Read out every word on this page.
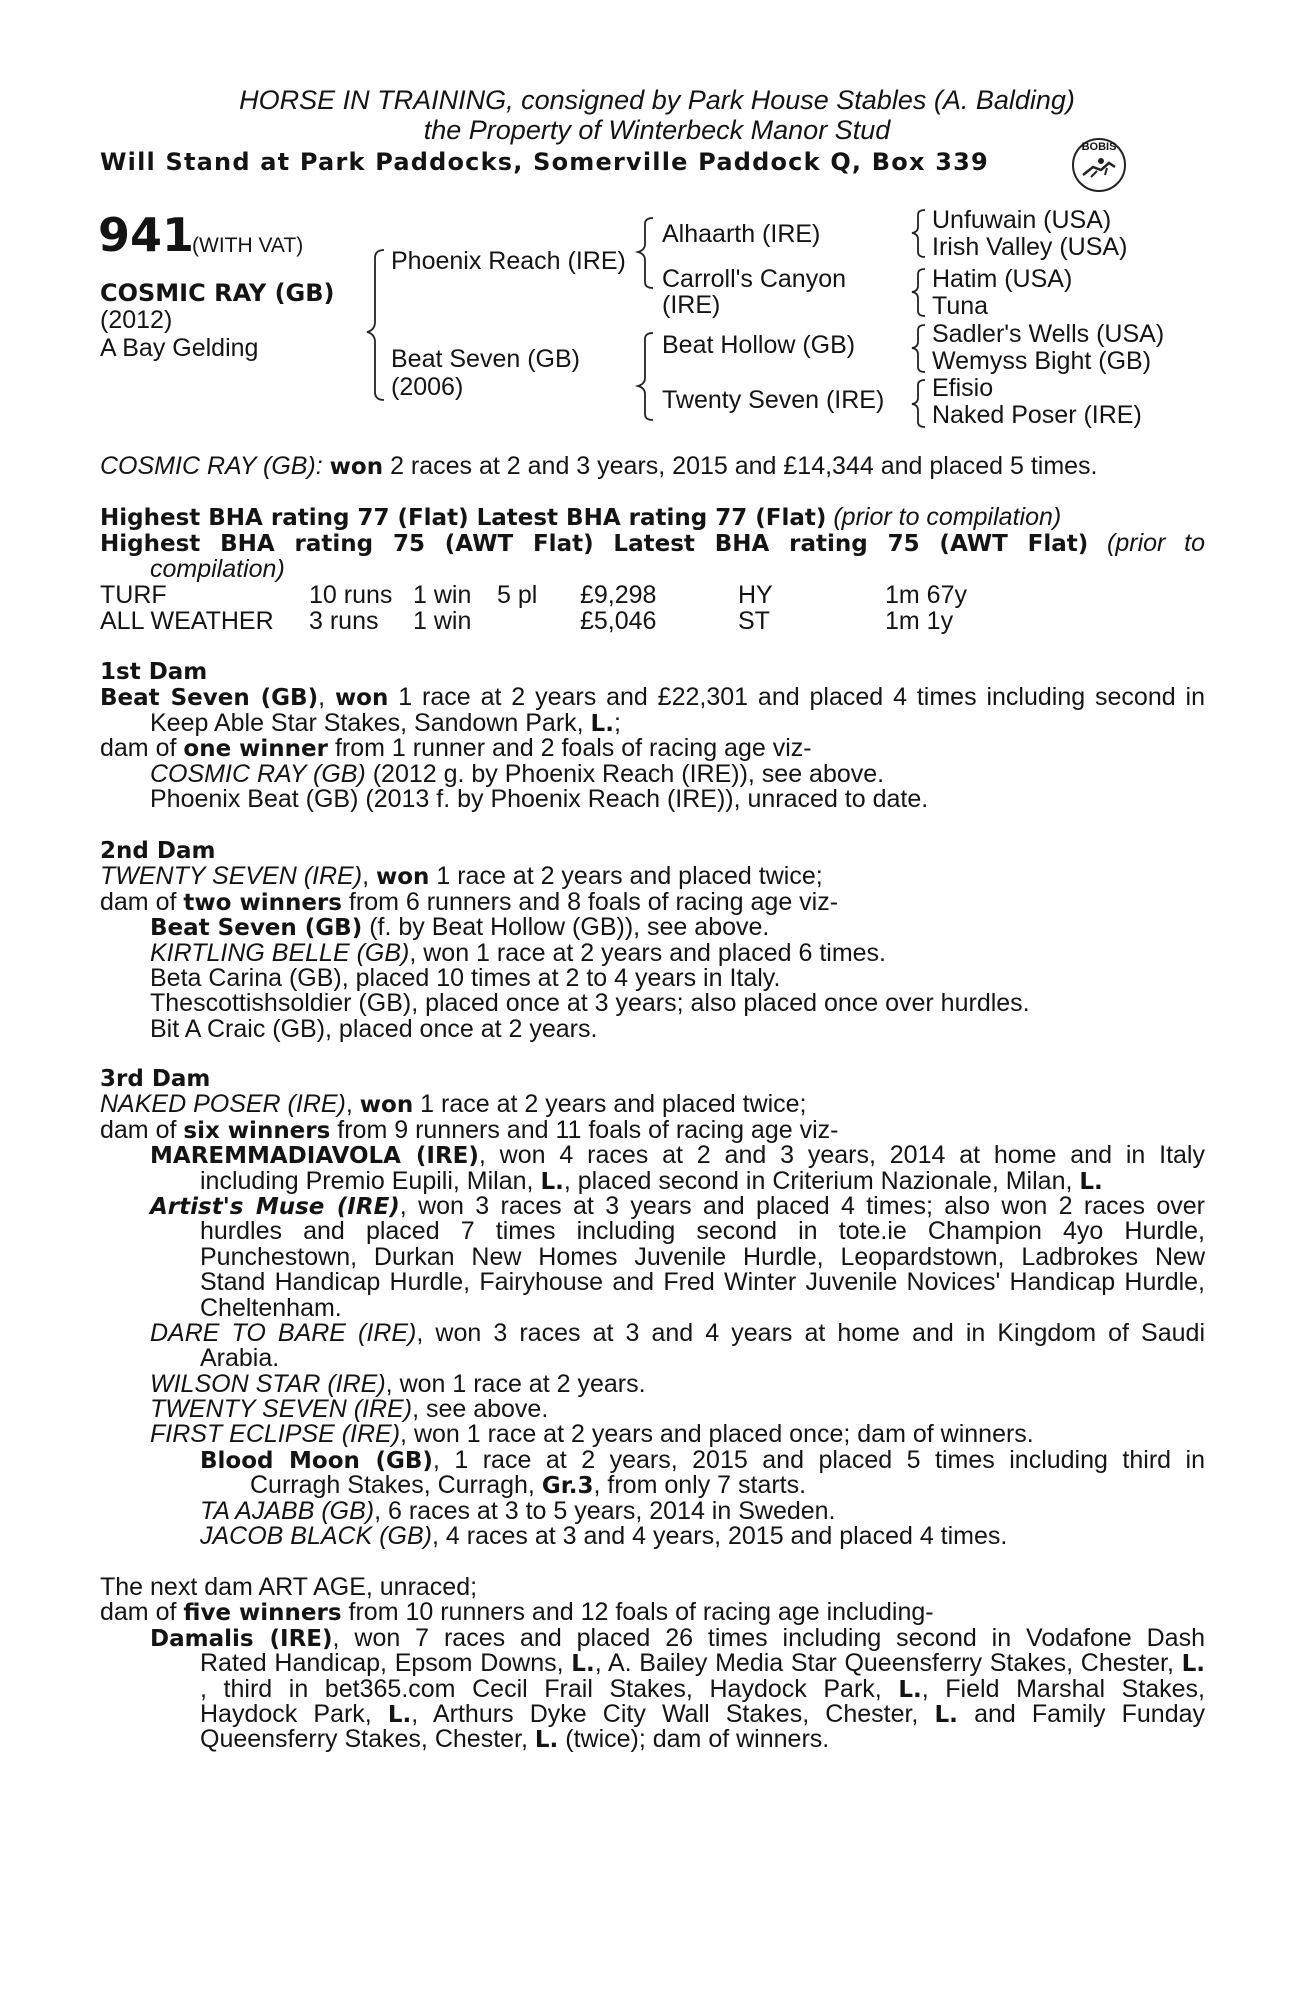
HORSE IN TRAINING, consigned by Park House Stables (A. Balding)
the Property of Winterbeck Manor Stud
Will Stand at Park Paddocks, Somerville Paddock Q, Box 339
BOBIS
941
(WITH VAT)
COSMIC RAY (GB)
(2012)
A Bay Gelding
Phoenix Reach (IRE)
Beat Seven (GB)
(2006)
Alhaarth (IRE)
Carroll's Canyon
(IRE)
Beat Hollow (GB)
Twenty Seven (IRE)
Unfuwain (USA)
Irish Valley (USA)
Hatim (USA)
Tuna
Sadler's Wells (USA)
Wemyss Bight (GB)
Efisio
Naked Poser (IRE)
COSMIC RAY (GB): won 2 races at 2 and 3 years, 2015 and £14,344 and placed 5 times.
Highest BHA rating 77 (Flat) Latest BHA rating 77 (Flat) (prior to compilation)
Highest BHA rating 75 (AWT Flat) Latest BHA rating 75 (AWT Flat) (prior to
compilation)
TURF	10 runs 1 win 5 pl £9,298	HY	1m 67y
ALL WEATHER 3 runs 1 win	£5,046	ST	1m 1y
1st Dam
Beat Seven (GB), won 1 race at 2 years and £22,301 and placed 4 times including second in
Keep Able Star Stakes, Sandown Park, L.;
dam of one winner from 1 runner and 2 foals of racing age viz-
COSMIC RAY (GB) (2012 g. by Phoenix Reach (IRE)), see above.
Phoenix Beat (GB) (2013 f. by Phoenix Reach (IRE)), unraced to date.
2nd Dam
TWENTY SEVEN (IRE), won 1 race at 2 years and placed twice;
dam of two winners from 6 runners and 8 foals of racing age viz-
Beat Seven (GB) (f. by Beat Hollow (GB)), see above.
KIRTLING BELLE (GB), won 1 race at 2 years and placed 6 times.
Beta Carina (GB), placed 10 times at 2 to 4 years in Italy.
Thescottishsoldier (GB), placed once at 3 years; also placed once over hurdles.
Bit A Craic (GB), placed once at 2 years.
3rd Dam
NAKED POSER (IRE), won 1 race at 2 years and placed twice;
dam of six winners from 9 runners and 11 foals of racing age viz-
MAREMMADIAVOLA (IRE), won 4 races at 2 and 3 years, 2014 at home and in Italy
including Premio Eupili, Milan, L., placed second in Criterium Nazionale, Milan, L.
Artist's Muse (IRE), won 3 races at 3 years and placed 4 times; also won 2 races over
hurdles and placed 7 times including second in tote.ie Champion 4yo Hurdle,
Punchestown, Durkan New Homes Juvenile Hurdle, Leopardstown, Ladbrokes New
Stand Handicap Hurdle, Fairyhouse and Fred Winter Juvenile Novices' Handicap Hurdle,
Cheltenham.
DARE TO BARE (IRE), won 3 races at 3 and 4 years at home and in Kingdom of Saudi
Arabia.
WILSON STAR (IRE), won 1 race at 2 years.
TWENTY SEVEN (IRE), see above.
FIRST ECLIPSE (IRE), won 1 race at 2 years and placed once; dam of winners.
Blood Moon (GB), 1 race at 2 years, 2015 and placed 5 times including third in
Curragh Stakes, Curragh, Gr.3, from only 7 starts.
TA AJABB (GB), 6 races at 3 to 5 years, 2014 in Sweden.
JACOB BLACK (GB), 4 races at 3 and 4 years, 2015 and placed 4 times.
The next dam ART AGE, unraced;
dam of five winners from 10 runners and 12 foals of racing age including-
Damalis (IRE), won 7 races and placed 26 times including second in Vodafone Dash
Rated Handicap, Epsom Downs, L., A. Bailey Media Star Queensferry Stakes, Chester, L.
, third in bet365.com Cecil Frail Stakes, Haydock Park, L., Field Marshal Stakes,
Haydock Park, L., Arthurs Dyke City Wall Stakes, Chester, L. and Family Funday
Queensferry Stakes, Chester, L. (twice); dam of winners.
